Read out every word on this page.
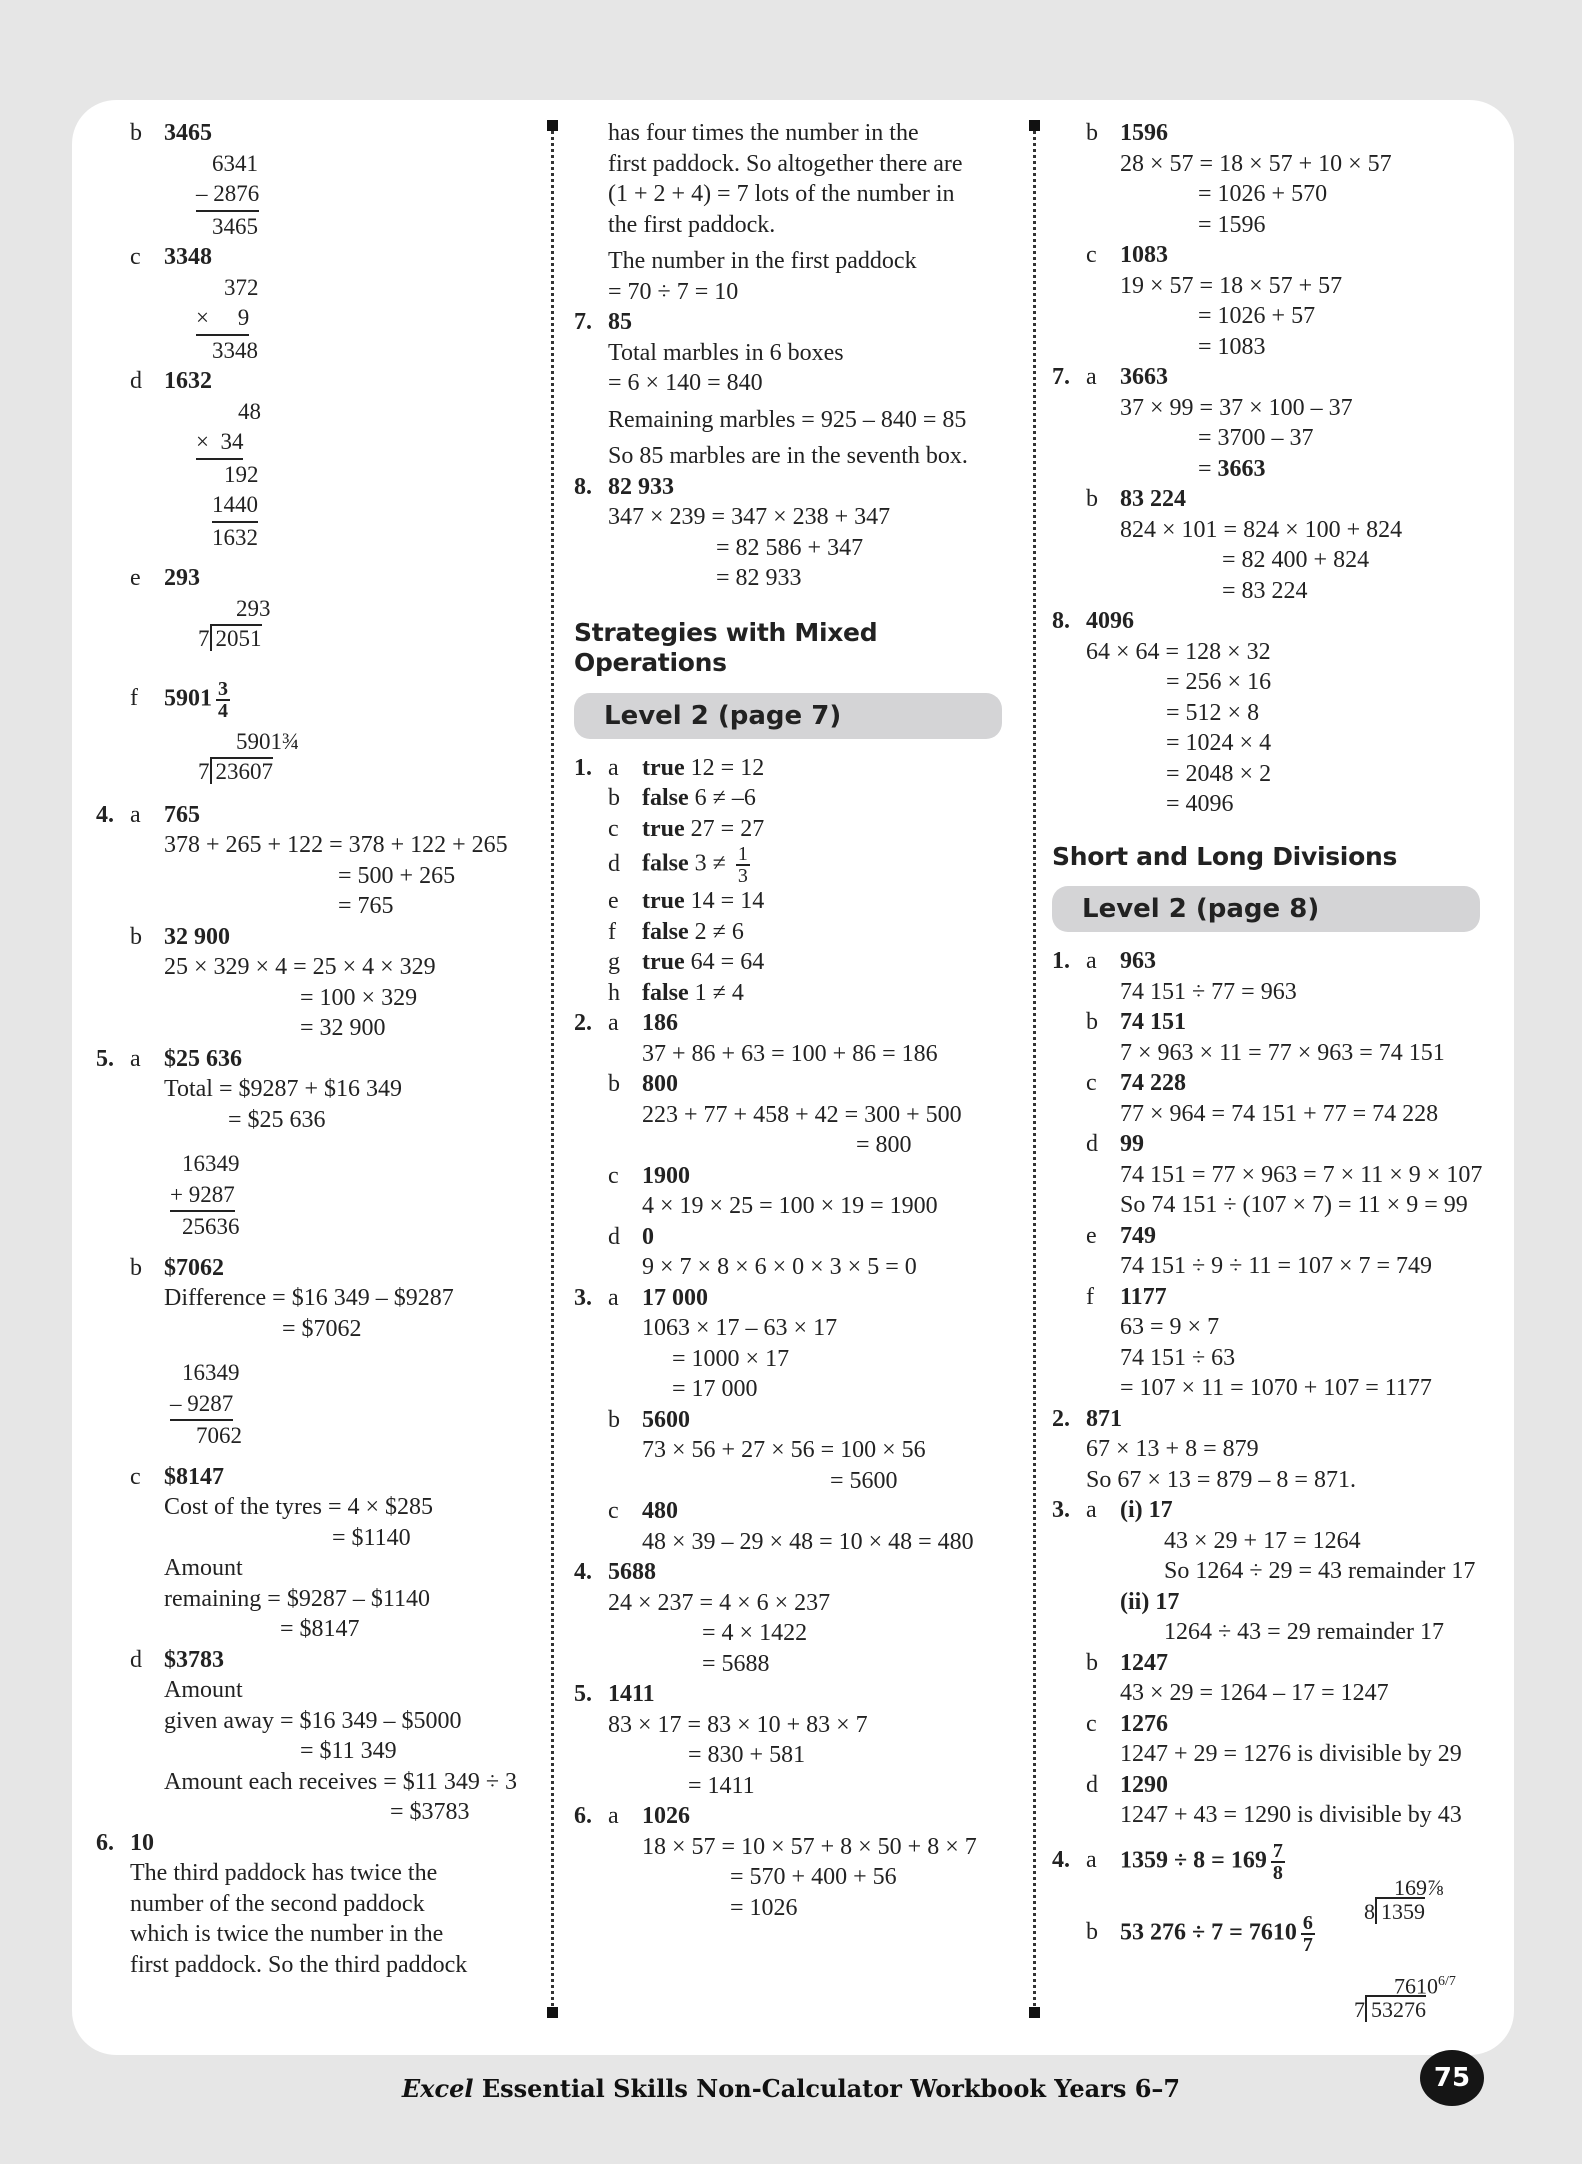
b 3465
6341
– 2876
3465
c 3348
372
×     9
3348
d 1632
48
×  34
192
1440
1632
e 293
293
7 2051
f $5901 \frac{3}{4}$
5901¾
7 23607
4. a 765
378 + 265 + 122 = 378 + 122 + 265
= 500 + 265
= 765
b 32 900
25 × 329 × 4 = 25 × 4 × 329
= 100 × 329
= 32 900
5. a $25 636
Total = $9287 + $16 349
= $25 636
16349
+ 9287
25636
b $7062
Difference = $16 349 – $9287
= $7062
16349
– 9287
7062
c $8147
Cost of the tyres = 4 × $285
= $1140
Amount
remaining = $9287 – $1140
= $8147
d $3783
Amount
given away = $16 349 – $5000
= $11 349
Amount each receives = $11 349 ÷ 3
= $3783
6. 10
The third paddock has twice the
number of the second paddock
which is twice the number in the
first paddock. So the third paddock
has four times the number in the
first paddock. So altogether there are
(1 + 2 + 4) = 7 lots of the number in
the first paddock.
The number in the first paddock
= 70 ÷ 7 = 10
7. 85
Total marbles in 6 boxes
= 6 × 140 = 840
Remaining marbles = 925 – 840 = 85
So 85 marbles are in the seventh box.
8. 82 933
347 × 239 = 347 × 238 + 347
= 82 586 + 347
= 82 933
Strategies with Mixed Operations
Level 2 (page 7)
1. a true 12 = 12
b false 6 ≠ –6
c true 27 = 27
d false $3 \ne \frac{1}{3}$
e true 14 = 14
f false 2 ≠ 6
g true 64 = 64
h false 1 ≠ 4
2. a 186
37 + 86 + 63 = 100 + 86 = 186
b 800
223 + 77 + 458 + 42 = 300 + 500
= 800
c 1900
4 × 19 × 25 = 100 × 19 = 1900
d 0
9 × 7 × 8 × 6 × 0 × 3 × 5 = 0
3. a 17 000
1063 × 17 – 63 × 17
= 1000 × 17
= 17 000
b 5600
73 × 56 + 27 × 56 = 100 × 56
= 5600
c 480
48 × 39 – 29 × 48 = 10 × 48 = 480
4. 5688
24 × 237 = 4 × 6 × 237
= 4 × 1422
= 5688
5. 1411
83 × 17 = 83 × 10 + 83 × 7
= 830 + 581
= 1411
6. a 1026
18 × 57 = 10 × 57 + 8 × 50 + 8 × 7
= 570 + 400 + 56
= 1026
b 1596
28 × 57 = 18 × 57 + 10 × 57
= 1026 + 570
= 1596
c 1083
19 × 57 = 18 × 57 + 57
= 1026 + 57
= 1083
7. a 3663
37 × 99 = 37 × 100 – 37
= 3700 – 37
= 3663
b 83 224
824 × 101 = 824 × 100 + 824
= 82 400 + 824
= 83 224
8. 4096
64 × 64 = 128 × 32
= 256 × 16
= 512 × 8
= 1024 × 4
= 2048 × 2
= 4096
Short and Long Divisions
Level 2 (page 8)
1. a 963
74 151 ÷ 77 = 963
b 74 151
7 × 963 × 11 = 77 × 963 = 74 151
c 74 228
77 × 964 = 74 151 + 77 = 74 228
d 99
74 151 = 77 × 963 = 7 × 11 × 9 × 107
So 74 151 ÷ (107 × 7) = 11 × 9 = 99
e 749
74 151 ÷ 9 ÷ 11 = 107 × 7 = 749
f 1177
63 = 9 × 7
74 151 ÷ 63
= 107 × 11 = 1070 + 107 = 1177
2. 871
67 × 13 + 8 = 879
So 67 × 13 = 879 – 8 = 871.
3. a (i) 17
43 × 29 + 17 = 1264
So 1264 ÷ 29 = 43 remainder 17
(ii) 17
1264 ÷ 43 = 29 remainder 17
b 1247
43 × 29 = 1264 – 17 = 1247
c 1276
1247 + 29 = 1276 is divisible by 29
d 1290
1247 + 43 = 1290 is divisible by 43
4. a $1359 \div 8 = 169 \frac{7}{8}$
b 53 $276 \div 7 = 7610 \frac{6}{7}$
169⅞
8 1359
$7610^{6/7}$
7 53276
Excel Essential Skills Non-Calculator Workbook Years 6–7	75
